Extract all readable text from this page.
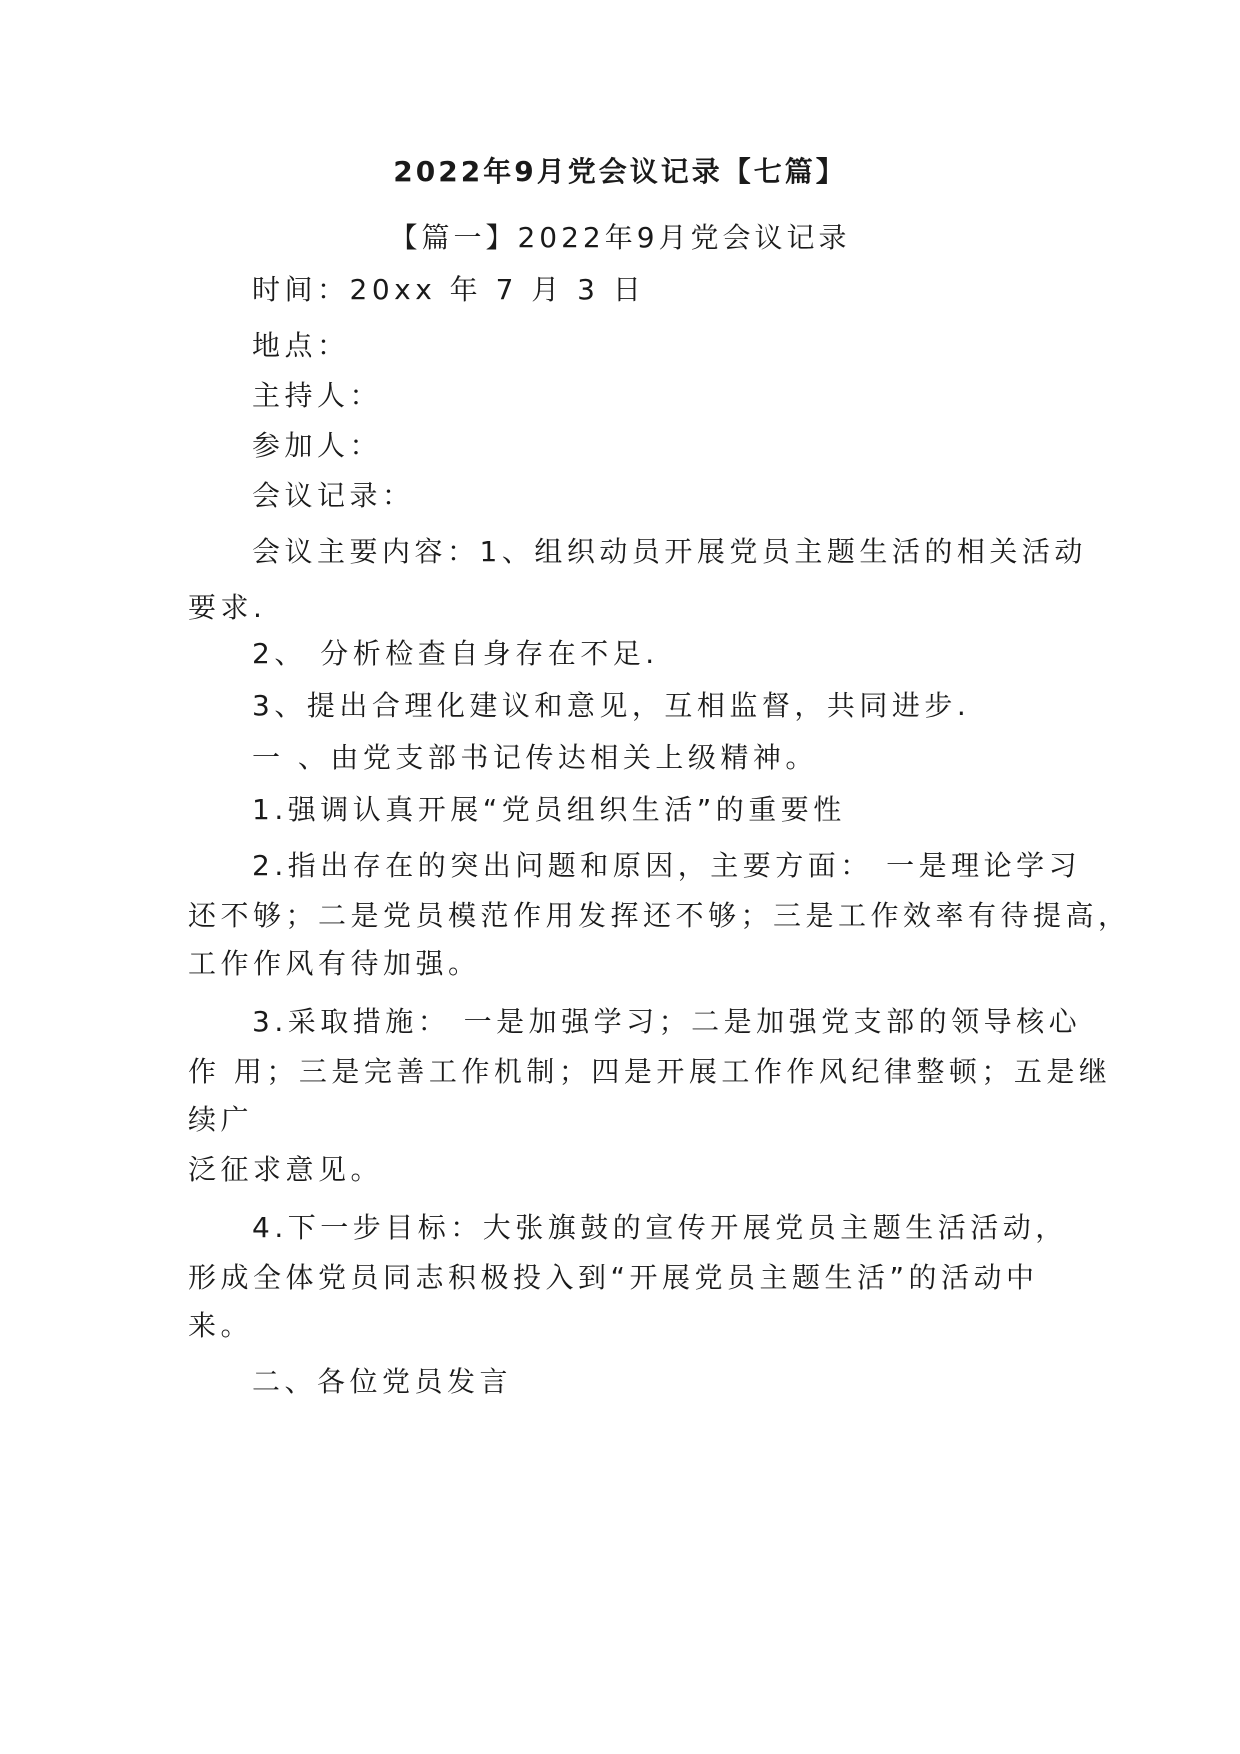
2022年9月党会议记录【七篇】
【篇一】2022年9月党会议记录
时间：20xx 年 7 月 3 日
地点：
主持人：
参加人：
会议记录：
会议主要内容：1、组织动员开展党员主题生活的相关活动
要求.
2、 分析检查自身存在不足.
3、提出合理化建议和意见，互相监督，共同进步.
一 、由党支部书记传达相关上级精神。
1.强调认真开展“党员组织生活”的重要性
2.指出存在的突出问题和原因，主要方面： 一是理论学习
还不够；二是党员模范作用发挥还不够；三是工作效率有待提高，
工作作风有待加强。
3.采取措施： 一是加强学习；二是加强党支部的领导核心
作 用；三是完善工作机制；四是开展工作作风纪律整顿；五是继
续广
泛征求意见。
4.下一步目标：大张旗鼓的宣传开展党员主题生活活动，
形成全体党员同志积极投入到“开展党员主题生活”的活动中
来。
二、各位党员发言
